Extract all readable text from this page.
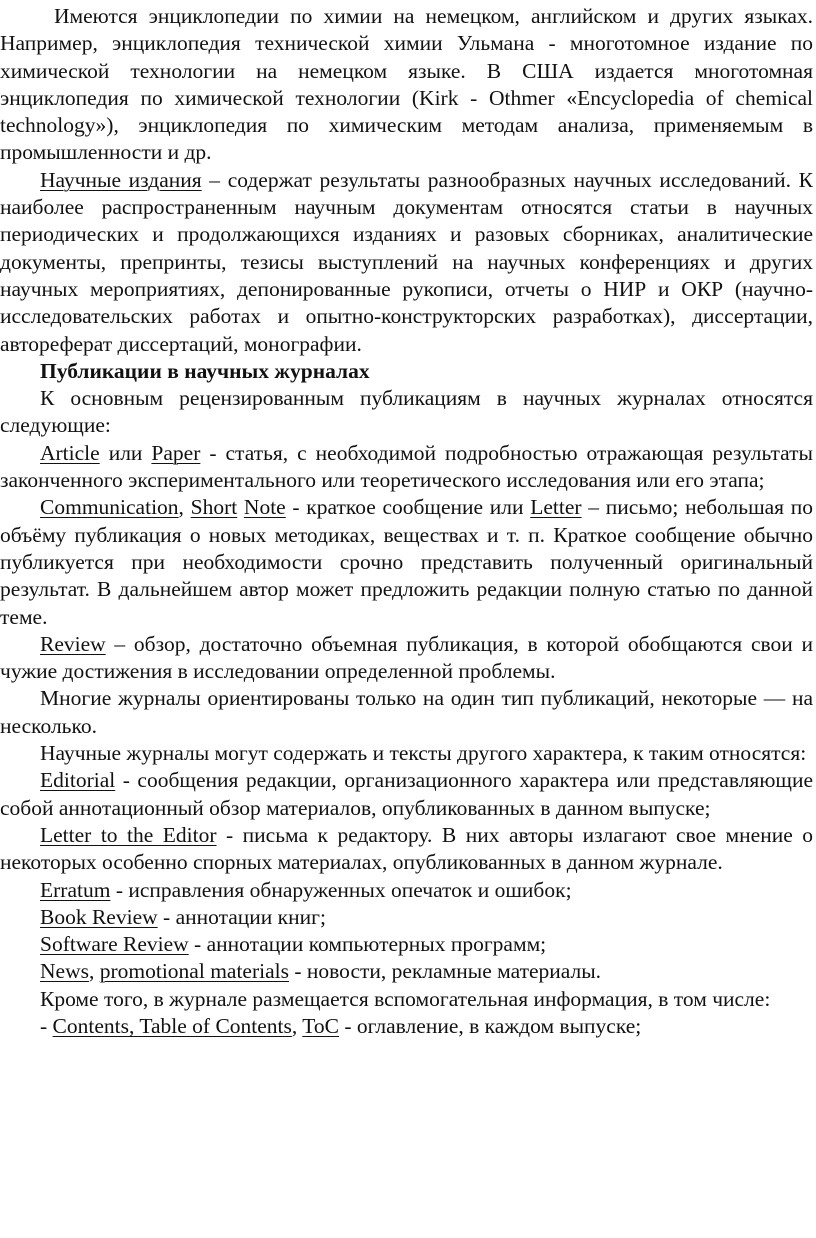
Имеются энциклопедии по химии на немецком, английском и других языках. Например, энциклопедия технической химии Ульмана - многотомное издание по химической технологии на немецком языке. В США издается многотомная энциклопедия по химической технологии (Kirk - Othmer «Encyclopedia of chemical technology»), энциклопедия по химическим методам анализа, применяемым в промышленности и др.

Научные издания – содержат результаты разнообразных научных исследований. К наиболее распространенным научным документам относятся статьи в научных периодических и продолжающихся изданиях и разовых сборниках, аналитические документы, препринты, тезисы выступлений на научных конференциях и других научных мероприятиях, депонированные рукописи, отчеты о НИР и ОКР (научно-исследовательских работах и опытно-конструкторских разработках), диссертации, автореферат диссертаций, монографии.

Публикации в научных журналах

К основным рецензированным публикациям в научных журналах относятся следующие:

Article или Paper - статья, с необходимой подробностью отражающая результаты законченного экспериментального или теоретического исследования или его этапа;

Communication, Short Note - краткое сообщение или Letter – письмо; небольшая по объёму публикация о новых методиках, веществах и т. п. Краткое сообщение обычно публикуется при необходимости срочно представить полученный оригинальный результат. В дальнейшем автор может предложить редакции полную статью по данной теме.

Review – обзор, достаточно объемная публикация, в которой обобщаются свои и чужие достижения в исследовании определенной проблемы.

Многие журналы ориентированы только на один тип публикаций, некоторые — на несколько.

Научные журналы могут содержать и тексты другого характера, к таким относятся:

Editorial - сообщения редакции, организационного характера или представляющие собой аннотационный обзор материалов, опубликованных в данном выпуске;

Letter to the Editor - письма к редактору. В них авторы излагают свое мнение о некоторых особенно спорных материалах, опубликованных в данном журнале.

Erratum - исправления обнаруженных опечаток и ошибок;

Book Review - аннотации книг;

Software Review - аннотации компьютерных программ;

News, promotional materials - новости, рекламные материалы.

Кроме того, в журнале размещается вспомогательная информация, в том числе:

- Contents, Table of Contents, ToC - оглавление, в каждом выпуске;
